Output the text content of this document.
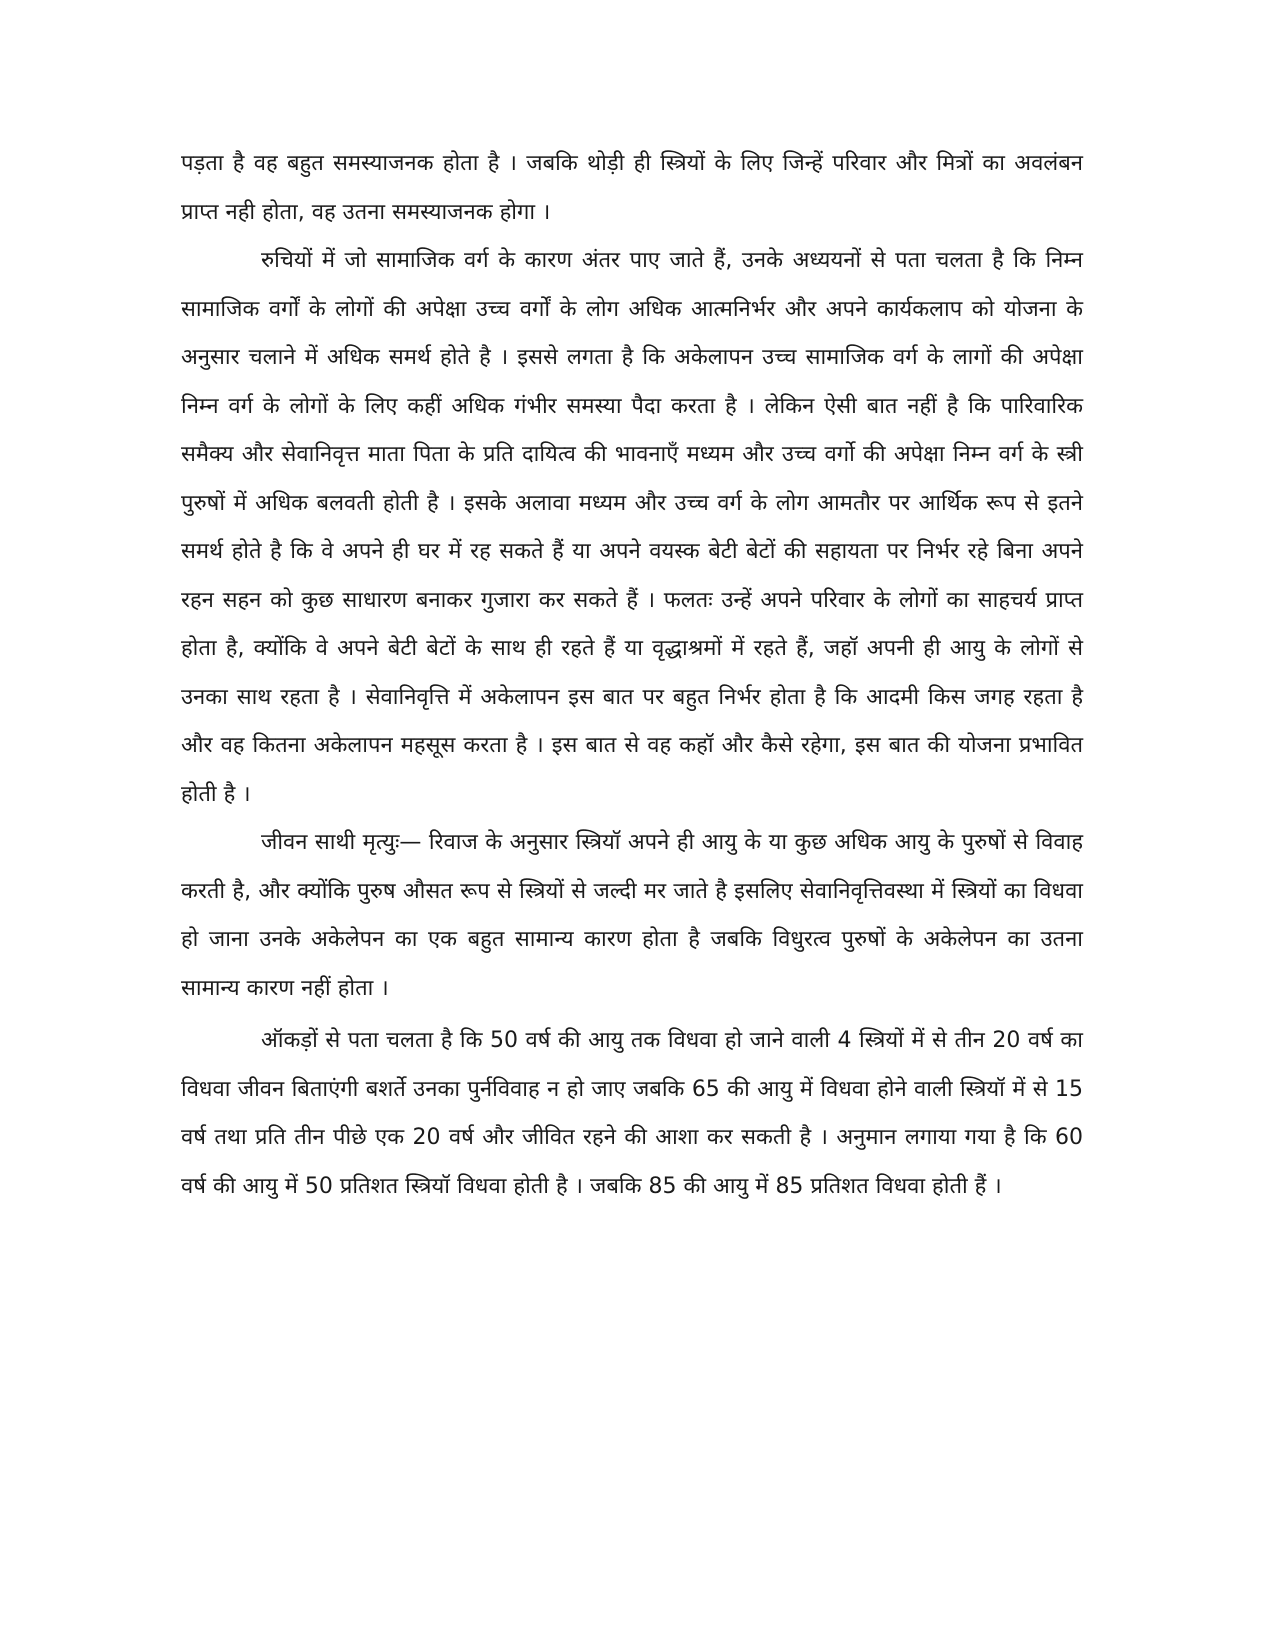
पड़ता है वह बहुत समस्याजनक होता है । जबकि थोड़ी ही स्त्रियों के लिए जिन्हें परिवार और मित्रों का अवलंबन प्राप्त नही होता, वह उतना समस्याजनक होगा ।

रुचियों में जो सामाजिक वर्ग के कारण अंतर पाए जाते हैं, उनके अध्ययनों से पता चलता है कि निम्न सामाजिक वर्गों के लोगों की अपेक्षा उच्च वर्गों के लोग अधिक आत्मनिर्भर और अपने कार्यकलाप को योजना के अनुसार चलाने में अधिक समर्थ होते है । इससे लगता है कि अकेलापन उच्च सामाजिक वर्ग के लागों की अपेक्षा निम्न वर्ग के लोगों के लिए कहीं अधिक गंभीर समस्या पैदा करता है । लेकिन ऐसी बात नहीं है कि पारिवारिक समैक्य और सेवानिवृत्त माता पिता के प्रति दायित्व की भावनाएँ मध्यम और उच्च वर्गो की अपेक्षा निम्न वर्ग के स्त्री पुरुषों में अधिक बलवती होती है । इसके अलावा मध्यम और उच्च वर्ग के लोग आमतौर पर आर्थिक रूप से इतने समर्थ होते है कि वे अपने ही घर में रह सकते हैं या अपने वयस्क बेटी बेटों की सहायता पर निर्भर रहे बिना अपने रहन सहन को कुछ साधारण बनाकर गुजारा कर सकते हैं । फलतः उन्हें अपने परिवार के लोगों का साहचर्य प्राप्त होता है, क्योंकि वे अपने बेटी बेटों के साथ ही रहते हैं या वृद्धाश्रमों में रहते हैं, जहॉ अपनी ही आयु के लोगों से उनका साथ रहता है । सेवानिवृत्ति में अकेलापन इस बात पर बहुत निर्भर होता है कि आदमी किस जगह रहता है और वह कितना अकेलापन महसूस करता है । इस बात से वह कहॉ और कैसे रहेगा, इस बात की योजना प्रभावित होती है ।

जीवन साथी मृत्युः— रिवाज के अनुसार स्त्रियॉ अपने ही आयु के या कुछ अधिक आयु के पुरुषों से विवाह करती है, और क्योंकि पुरुष औसत रूप से स्त्रियों से जल्दी मर जाते है इसलिए सेवानिवृत्तिवस्था में स्त्रियों का विधवा हो जाना उनके अकेलेपन का एक बहुत सामान्य कारण होता है जबकि विधुरत्व पुरुषों के अकेलेपन का उतना सामान्य कारण नहीं होता ।

ऑकड़ों से पता चलता है कि 50 वर्ष की आयु तक विधवा हो जाने वाली 4 स्त्रियों में से तीन 20 वर्ष का विधवा जीवन बिताएंगी बशर्ते उनका पुर्नविवाह न हो जाए जबकि 65 की आयु में विधवा होने वाली स्त्रियॉ में से 15 वर्ष तथा प्रति तीन पीछे एक 20 वर्ष और जीवित रहने की आशा कर सकती है । अनुमान लगाया गया है कि 60 वर्ष की आयु में 50 प्रतिशत स्त्रियॉ विधवा होती है । जबकि 85 की आयु में 85 प्रतिशत विधवा होती हैं ।
